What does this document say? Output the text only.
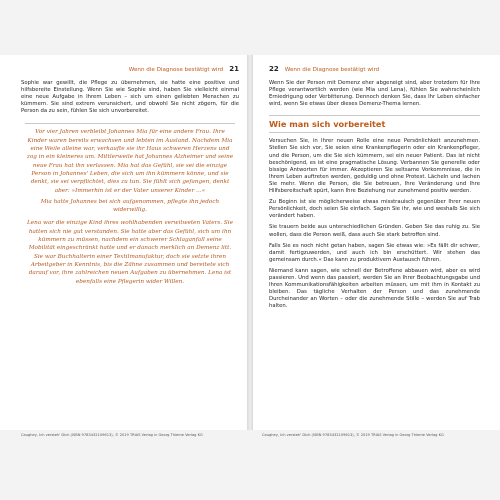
Wenn die Diagnose bestätigt wird 21

Sophie war gewillt, die Pflege zu übernehmen, sie hatte eine positive und hilfsbereite Einstellung. Wenn Sie wie Sophie sind, haben Sie vielleicht einmal eine neue Aufgabe in Ihrem Leben – sich um einen geliebten Menschen zu kümmern. Sie sind extrem verunsichert, und obwohl Sie nicht zögern, für die Person da zu sein, fühlen Sie sich unvorbereitet.

Vor vier Jahren verbleibt Johannes Mia für eine andere Frau. Ihre Kinder waren bereits erwachsen und lebten im Ausland. Nachdem Mia eine Weile alleine war, verkaufte sie ihr Haus schweren Herzens und zog in ein kleineres um. Mittlerweile hat Johannes Alzheimer und seine neue Frau hat ihn verlassen. Mia hat das Gefühl, sie sei die einzige Person in Johannes' Leben, die sich um ihn kümmern könne, und sie denkt, sie sei verpflichtet, dies zu tun. Sie fühlt sich gefangen, denkt aber: »Immerhin ist er der Vater unserer Kinder …«

Mia hatte Johannes bei sich aufgenommen, pflegte ihn jedoch widerwillig.

Lena war die einzige Kind ihres wohlhabenden verwitweten Vaters. Sie hatten sich nie gut verstanden. Sie hatte aber das Gefühl, sich um ihn kümmern zu müssen, nachdem ein schwerer Schlaganfall seine Mobilität eingeschränkt hatte und er danach merklich an Demenz litt. Sie war Buchhalterin einer Textilmanufaktur, doch sie setzte ihren Arbeitgeber in Kenntnis, bis die Zähne zusammen und bereitete sich darauf vor, ihre zahlreichen neuen Aufgaben zu übernehmen. Lena ist ebenfalls eine Pflegerin wider Willen.

22 Wenn die Diagnose bestätigt wird

Wenn Sie der Person mit Demenz eher abgeneigt sind, aber trotzdem für Ihre Pflege verantwortlich werden (wie Mia und Lena), fühlen Sie wahrscheinlich Erniedrigung oder Verbitterung. Dennoch denken Sie, dass Ihr Leben einfacher wird, wenn Sie etwas über dieses Demenz-Thema lernen.

Wie man sich vorbereitet

Versuchen Sie, in Ihrer neuen Rolle eine neue Persönlichkeit anzunehmen. Stellen Sie sich vor, Sie seien eine Krankenpflegerin oder ein Krankenpfleger, und die Person, um die Sie sich kümmern, sei ein neuer Patient. Das ist nicht beschönigend, es ist eine pragmatische Lösung. Verbannen Sie generelle oder bissige Antworten für immer. Akzeptieren Sie seltsame Vorkommnisse, die in Ihrem Leben auftreten werden, geduldig und ohne Protest. Lächeln und lachen Sie mehr. Wenn die Person, die Sie betreuen, Ihre Veränderung und Ihre Hilfsbereitschaft spürt, kann Ihre Beziehung nur zunehmend positiv werden.

Zu Beginn ist sie möglicherweise etwas misstrauisch gegenüber Ihrer neuen Persönlichkeit, doch seien Sie einfach. Sagen Sie ihr, wie und weshalb Sie sich verändert haben.

Sie trauern beide aus unterschiedlichen Gründen. Geben Sie das ruhig zu. Sie wollen, dass die Person weiß, dass auch Sie stark betroffen sind.

Falls Sie es noch nicht getan haben, sagen Sie etwas wie: »Es fällt dir schwer, damit fertigzuwerden, und auch ich bin erschüttert. Wir stehen das gemeinsam durch.« Das kann zu produktivem Austausch führen.

Niemand kann sagen, wie schnell der Betroffene abbauen wird, aber es wird passieren. Und wenn das passiert, werden Sie an Ihrer Beobachtungsgabe und Ihren Kommunikationsfähigkeiten arbeiten müssen, um mit ihm in Kontakt zu bleiben. Das tägliche Verhalten der Person und das zunehmende Durcheinander an Worten – oder die zunehmende Stille – werden Sie auf Trab halten.

Caughey, Ich versteh' Dich (ISBN 9783432109613), © 2019 TRIAS Verlag in Georg Thieme Verlag KG	Caughey, Ich versteh' Dich (ISBN 9783432109613), © 2019 TRIAS Verlag in Georg Thieme Verlag KG
